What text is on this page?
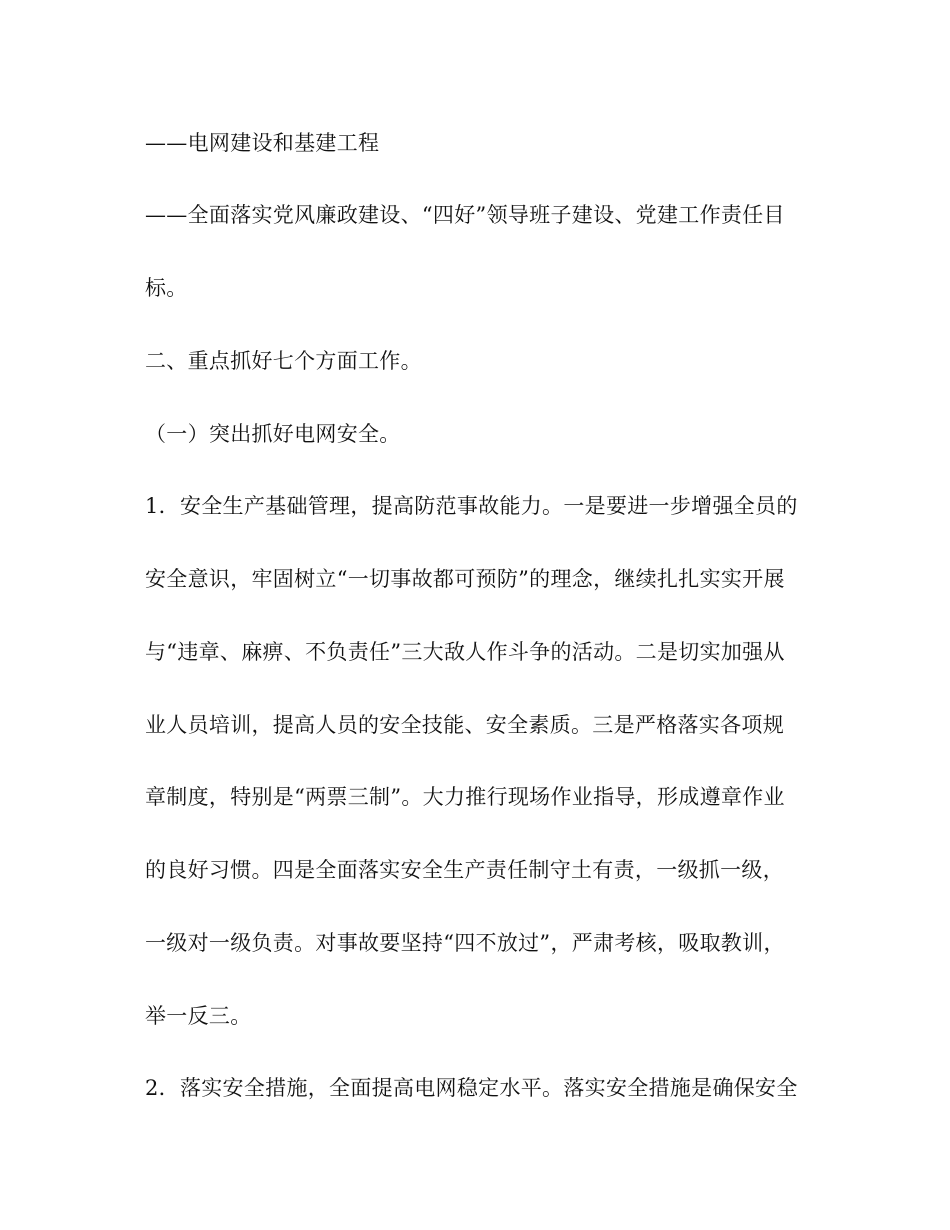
——电网建设和基建工程
——全面落实党风廉政建设、“四好”领导班子建设、党建工作责任目
标。
二、重点抓好七个方面工作。
（一）突出抓好电网安全。
1．安全生产基础管理，提高防范事故能力。一是要进一步增强全员的
安全意识，牢固树立“一切事故都可预防”的理念，继续扎扎实实开展
与“违章、麻痹、不负责任”三大敌人作斗争的活动。二是切实加强从
业人员培训，提高人员的安全技能、安全素质。三是严格落实各项规
章制度，特别是“两票三制”。大力推行现场作业指导，形成遵章作业
的良好习惯。四是全面落实安全生产责任制守土有责，一级抓一级，
一级对一级负责。对事故要坚持“四不放过”，严肃考核，吸取教训，
举一反三。
2．落实安全措施，全面提高电网稳定水平。落实安全措施是确保安全
